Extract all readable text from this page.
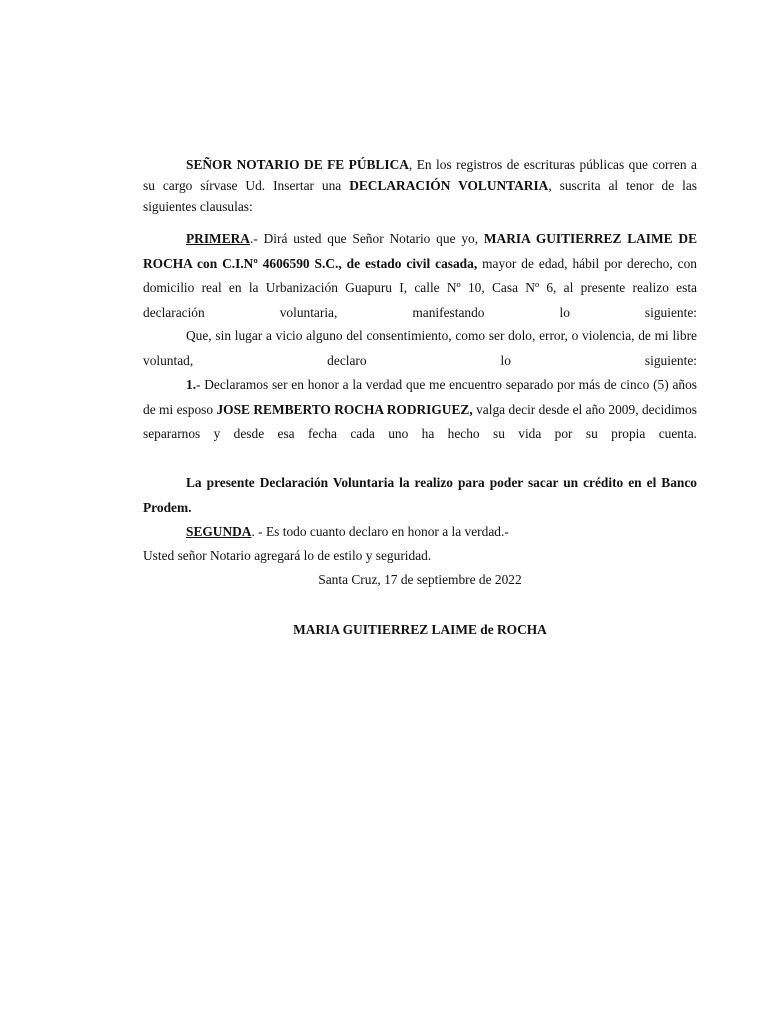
SEÑOR NOTARIO DE FE PÚBLICA, En los registros de escrituras públicas que corren a su cargo sírvase Ud. Insertar una DECLARACIÓN VOLUNTARIA, suscrita al tenor de las siguientes clausulas:

PRIMERA.- Dirá usted que Señor Notario que yo, MARIA GUITIERREZ LAIME DE ROCHA con C.I.Nº 4606590 S.C., de estado civil casada, mayor de edad, hábil por derecho, con domicilio real en la Urbanización Guapuru I, calle Nº 10, Casa Nº 6, al presente realizo esta declaración voluntaria, manifestando lo siguiente:

Que, sin lugar a vicio alguno del consentimiento, como ser dolo, error, o violencia, de mi libre voluntad, declaro lo siguiente:

1.- Declaramos ser en honor a la verdad que me encuentro separado por más de cinco (5) años de mi esposo JOSE REMBERTO ROCHA RODRIGUEZ, valga decir desde el año 2009, decidimos separarnos y desde esa fecha cada uno ha hecho su vida por su propia cuenta.

La presente Declaración Voluntaria la realizo para poder sacar un crédito en el Banco Prodem.

SEGUNDA. - Es todo cuanto declaro en honor a la verdad.-

Usted señor Notario agregará lo de estilo y seguridad.

Santa Cruz, 17 de septiembre de 2022

MARIA GUITIERREZ LAIME de ROCHA
